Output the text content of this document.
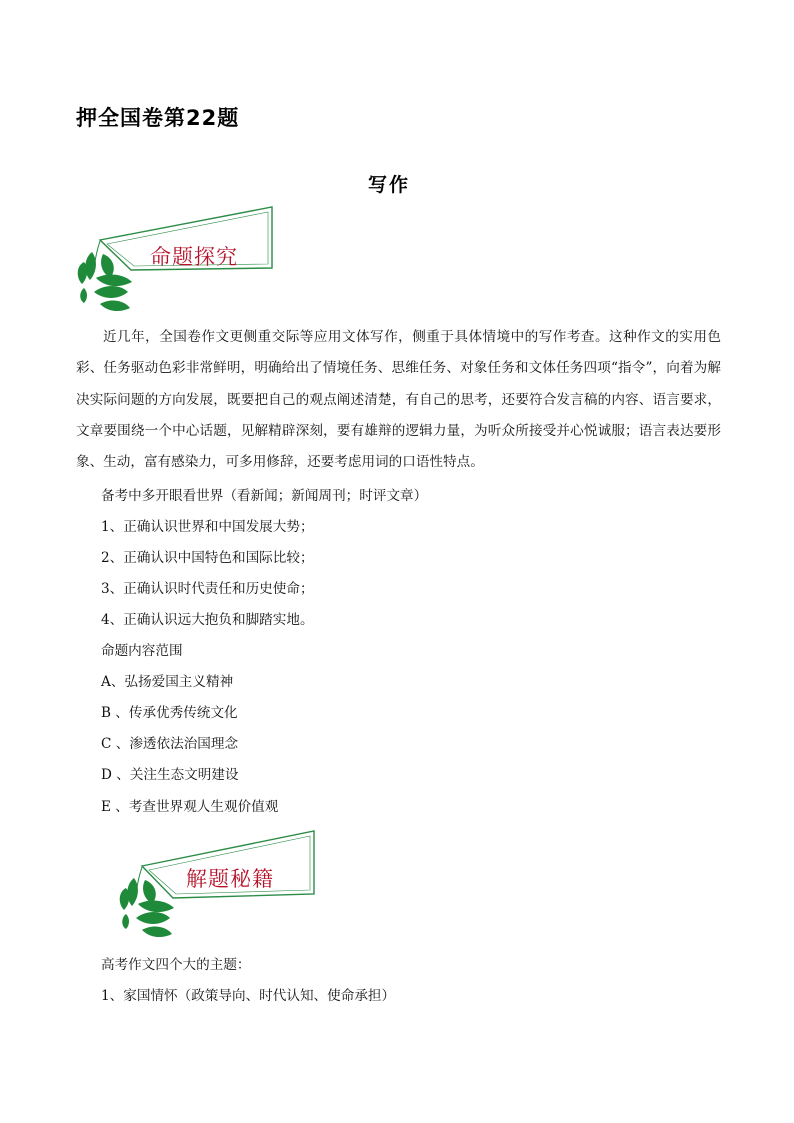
押全国卷第22题
写作
命题探究

近几年，全国卷作文更侧重交际等应用文体写作，侧重于具体情境中的写作考查。这种作文的实用色彩、任务驱动色彩非常鲜明，明确给出了情境任务、思维任务、对象任务和文体任务四项“指令”，向着为解决实际问题的方向发展，既要把自己的观点阐述清楚，有自己的思考，还要符合发言稿的内容、语言要求，文章要围绕一个中心话题，见解精辟深刻，要有雄辩的逻辑力量，为听众所接受并心悦诚服；语言表达要形象、生动，富有感染力，可多用修辞，还要考虑用词的口语性特点。

备考中多开眼看世界（看新闻；新闻周刊；时评文章）

1、正确认识世界和中国发展大势；

2、正确认识中国特色和国际比较；

3、正确认识时代责任和历史使命；

4、正确认识远大抱负和脚踏实地。

命题内容范围

A、弘扬爱国主义精神

B 、传承优秀传统文化

C 、渗透依法治国理念

D 、关注生态文明建设

E 、考查世界观人生观价值观

解题秘籍

高考作文四个大的主题：

1、家国情怀（政策导向、时代认知、使命承担）
